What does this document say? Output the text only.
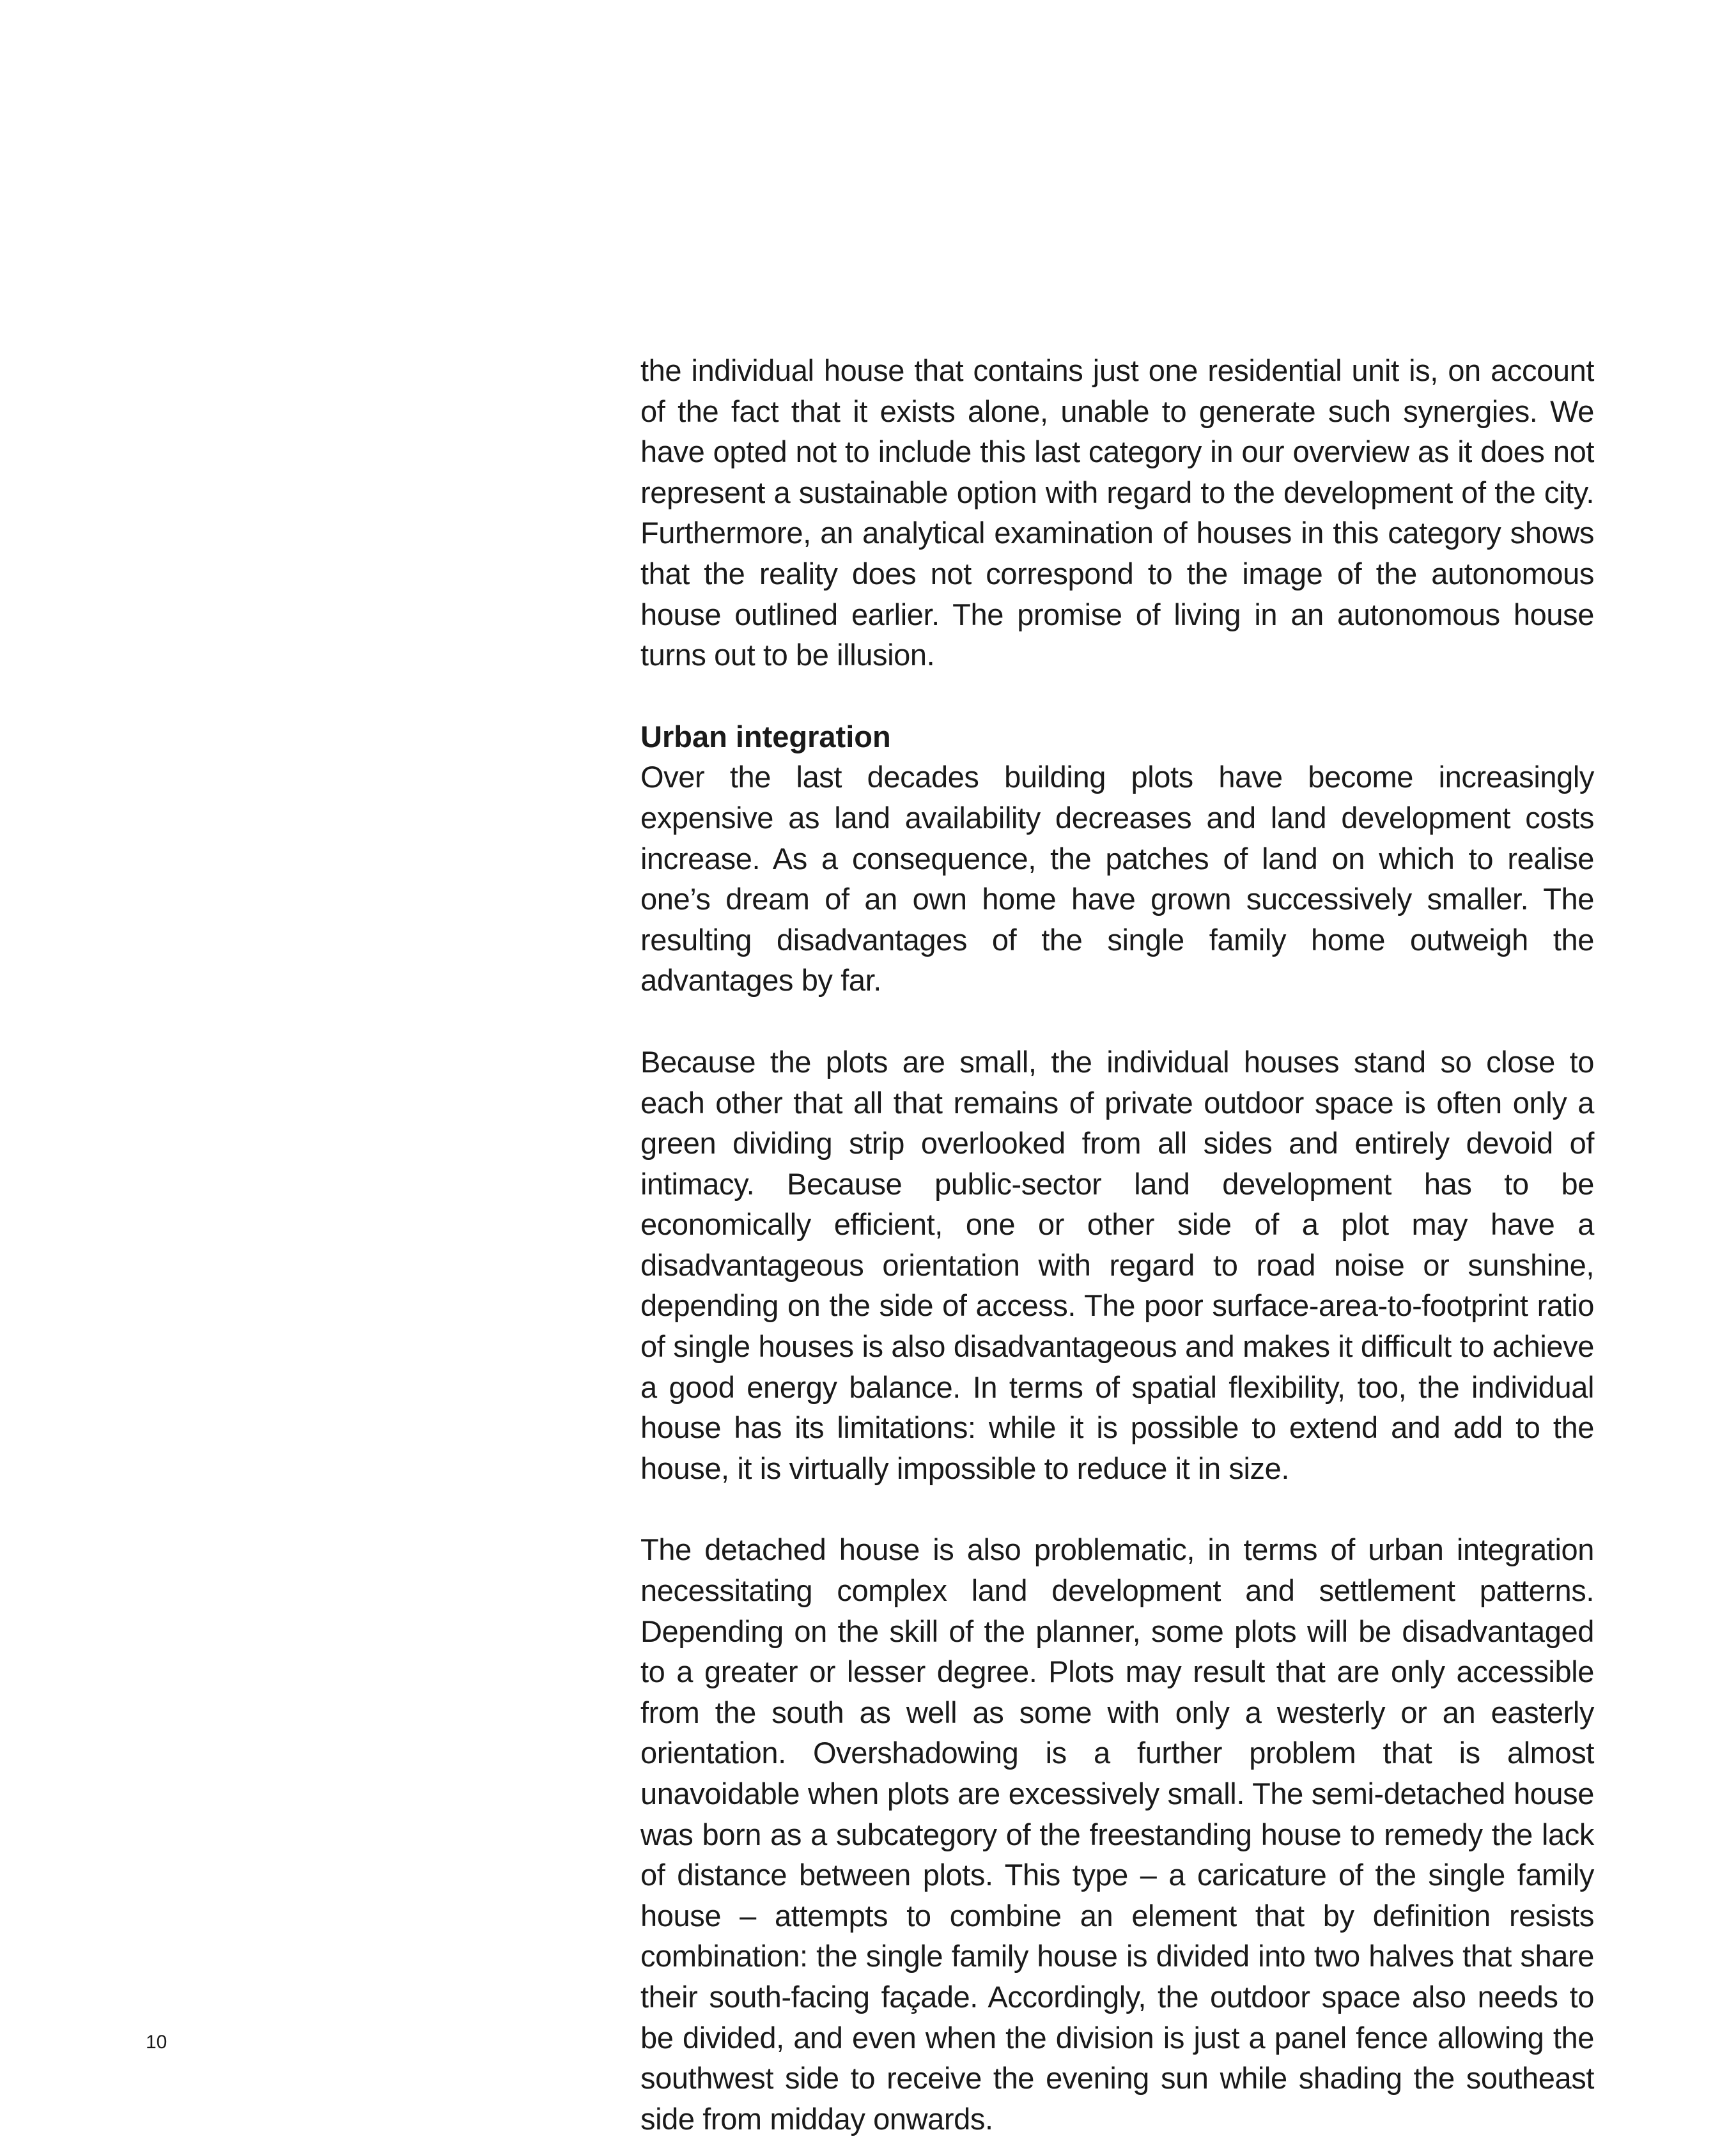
the individual house that contains just one residential unit is, on account of the fact that it exists alone, unable to generate such synergies. We have opted not to include this last category in our overview as it does not represent a sustainable option with regard to the development of the city. Furthermore, an analytical examination of houses in this category shows that the reality does not correspond to the image of the autonomous house outlined earlier. The promise of living in an autonomous house turns out to be illusion.

Urban integration

Over the last decades building plots have become increasingly expensive as land availability decreases and land development costs increase. As a consequence, the patches of land on which to realise one’s dream of an own home have grown successively smaller. The resulting disadvantages of the single family home outweigh the advantages by far.

Because the plots are small, the individual houses stand so close to each other that all that remains of private outdoor space is often only a green dividing strip overlooked from all sides and entirely devoid of intimacy. Because public-sector land development has to be economically efficient, one or other side of a plot may have a disadvantageous orientation with regard to road noise or sunshine, depending on the side of access. The poor surface-area-to-footprint ratio of single houses is also disadvantageous and makes it difficult to achieve a good energy balance. In terms of spatial flexibility, too, the individual house has its limitations: while it is possible to extend and add to the house, it is virtually impossible to reduce it in size.

The detached house is also problematic, in terms of urban integration necessitating complex land development and settlement patterns. Depending on the skill of the planner, some plots will be disadvantaged to a greater or lesser degree. Plots may result that are only accessible from the south as well as some with only a westerly or an easterly orientation. Overshadowing is a further problem that is almost unavoidable when plots are excessively small. The semi-detached house was born as a subcategory of the freestanding house to remedy the lack of distance between plots. This type – a caricature of the single family house – attempts to combine an element that by definition resists combination: the single family house is divided into two halves that share their south-facing façade. Accordingly, the outdoor space also needs to be divided, and even when the division is just a panel fence allowing the southwest side to receive the evening sun while shading the southeast side from midday onwards.

10
